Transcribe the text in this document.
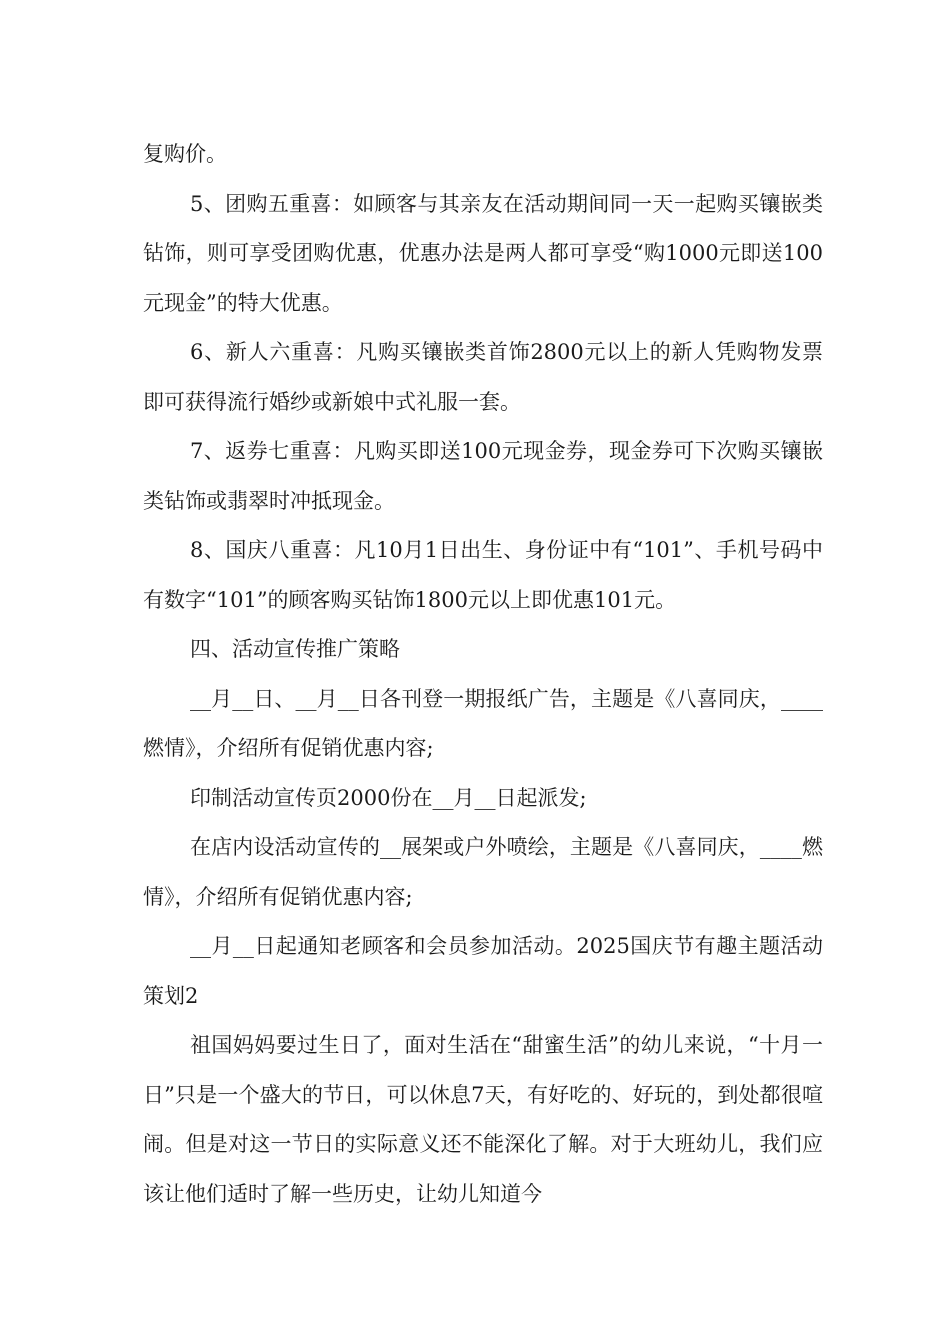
复购价。

5、团购五重喜：如顾客与其亲友在活动期间同一天一起购买镶嵌类钻饰，则可享受团购优惠，优惠办法是两人都可享受“购1000元即送100元现金”的特大优惠。

6、新人六重喜：凡购买镶嵌类首饰2800元以上的新人凭购物发票即可获得流行婚纱或新娘中式礼服一套。

7、返券七重喜：凡购买即送100元现金券，现金券可下次购买镶嵌类钻饰或翡翠时冲抵现金。

8、国庆八重喜：凡10月1日出生、身份证中有“101”、手机号码中有数字“101”的顾客购买钻饰1800元以上即优惠101元。

四、活动宣传推广策略

__月__日、__月__日各刊登一期报纸广告，主题是《八喜同庆，____燃情》，介绍所有促销优惠内容;

印制活动宣传页2000份在__月__日起派发;

在店内设活动宣传的__展架或户外喷绘，主题是《八喜同庆，____燃情》，介绍所有促销优惠内容;

__月__日起通知老顾客和会员参加活动。2025国庆节有趣主题活动策划2

祖国妈妈要过生日了，面对生活在“甜蜜生活”的幼儿来说，“十月一日”只是一个盛大的节日，可以休息7天，有好吃的、好玩的，到处都很喧闹。但是对这一节日的实际意义还不能深化了解。对于大班幼儿，我们应该让他们适时了解一些历史，让幼儿知道今
